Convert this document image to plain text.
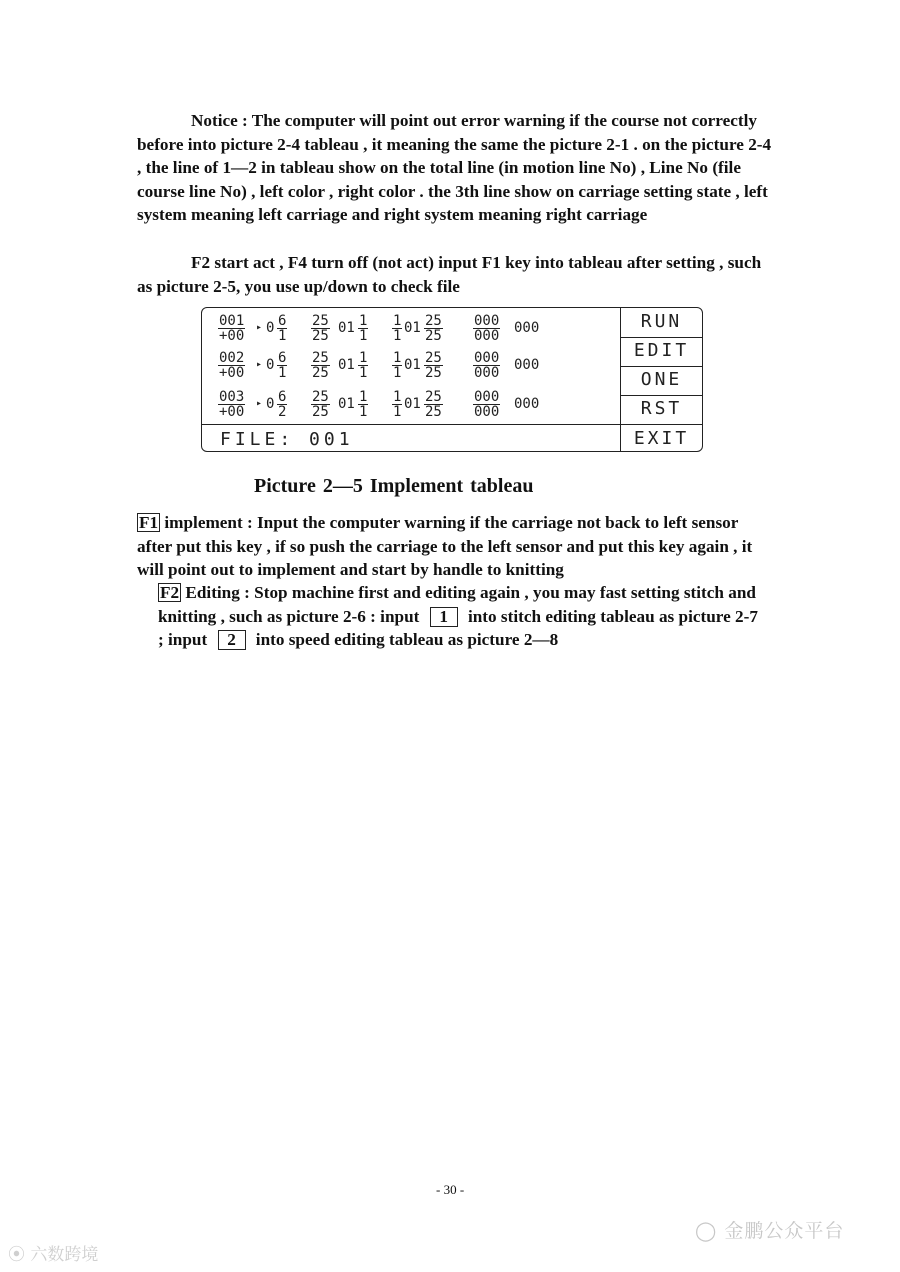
Notice : The computer will point out error warning if the course not correctly before into picture 2-4 tableau , it meaning the same the picture 2-1 . on the picture 2-4 , the line of 1—2 in tableau show on the total line (in motion line No) , Line No (file course line No) , left color , right color . the 3th line show on carriage setting state , left system meaning left carriage and right system meaning right carriage

F2 start act , F4 turn off (not act) input F1 key into tableau after setting , such as picture 2-5, you use up/down to check file

$\frac{001}{+00}$ ▸ $0 \frac{6}{1} \frac{25}{25} 01 \frac{1}{1} \frac{1}{1} 01 \frac{25}{25} \frac{000}{000} 000$
$\frac{002}{+00}$ ▸ $0 \frac{6}{1} \frac{25}{25} 01 \frac{1}{1} \frac{1}{1} 01 \frac{25}{25} \frac{000}{000} 000$
$\frac{003}{+00}$ ▸ $0 \frac{6}{2} \frac{25}{25} 01 \frac{1}{1} \frac{1}{1} 01 \frac{25}{25} \frac{000}{000} 000$
FILE: 001
RUN
EDIT
ONE
RST
EXIT
Picture 2—5 Implement tableau

F1 implement : Input the computer warning if the carriage not back to left sensor after put this key , if so push the carriage to the left sensor and put this key again , it will point out to implement and start by handle to knitting

F2 Editing : Stop machine first and editing again , you may fast setting stitch and knitting , such as picture 2-6 : input 1 into stitch editing tableau as picture 2-7 ; input 2 into speed editing tableau as picture 2—8

- 30 -
◯ 金鹏公众平台
⦿ 六数跨境
